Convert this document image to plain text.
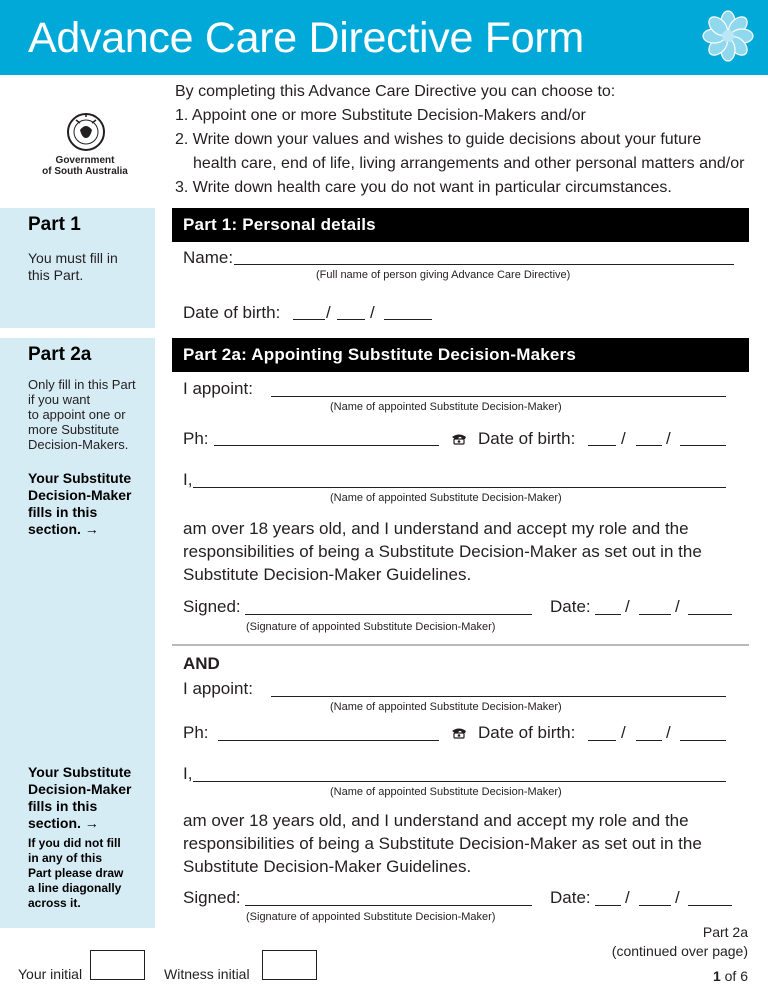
Advance Care Directive Form
Government
of South Australia
By completing this Advance Care Directive you can choose to:
1. Appoint one or more Substitute Decision-Makers and/or
2. Write down your values and wishes to guide decisions about your future
health care, end of life, living arrangements and other personal matters and/or
3. Write down health care you do not want in particular circumstances.
Part 1
You must fill in
this Part.
Part 1: Personal details
Name:
(Full name of person giving Advance Care Directive)
Date of birth:	/ /
Part 2a
Only fill in this Part
if you want
to appoint one or
more Substitute
Decision-Makers.
Your Substitute
Decision-Maker
fills in this
section. →
Your Substitute
Decision-Maker
fills in this
section. →
If you did not fill
in any of this
Part please draw
a line diagonally
across it.
Part 2a: Appointing Substitute Decision-Makers
I appoint:
(Name of appointed Substitute Decision-Maker)
Ph:	Date of birth:	/ /
I,
(Name of appointed Substitute Decision-Maker)
am over 18 years old, and I understand and accept my role and the
responsibilities of being a Substitute Decision-Maker as set out in the
Substitute Decision-Maker Guidelines.
Signed:
(Signature of appointed Substitute Decision-Maker)
Date: /	/
AND
I appoint:
(Name of appointed Substitute Decision-Maker)
Ph:	Date of birth:	/ /
I,
(Name of appointed Substitute Decision-Maker)
am over 18 years old, and I understand and accept my role and the
responsibilities of being a Substitute Decision-Maker as set out in the
Substitute Decision-Maker Guidelines.
Signed:
(Signature of appointed Substitute Decision-Maker)
Date: /	/
Your initial	Witness initial
Part 2a
(continued over page)
1 of 6
